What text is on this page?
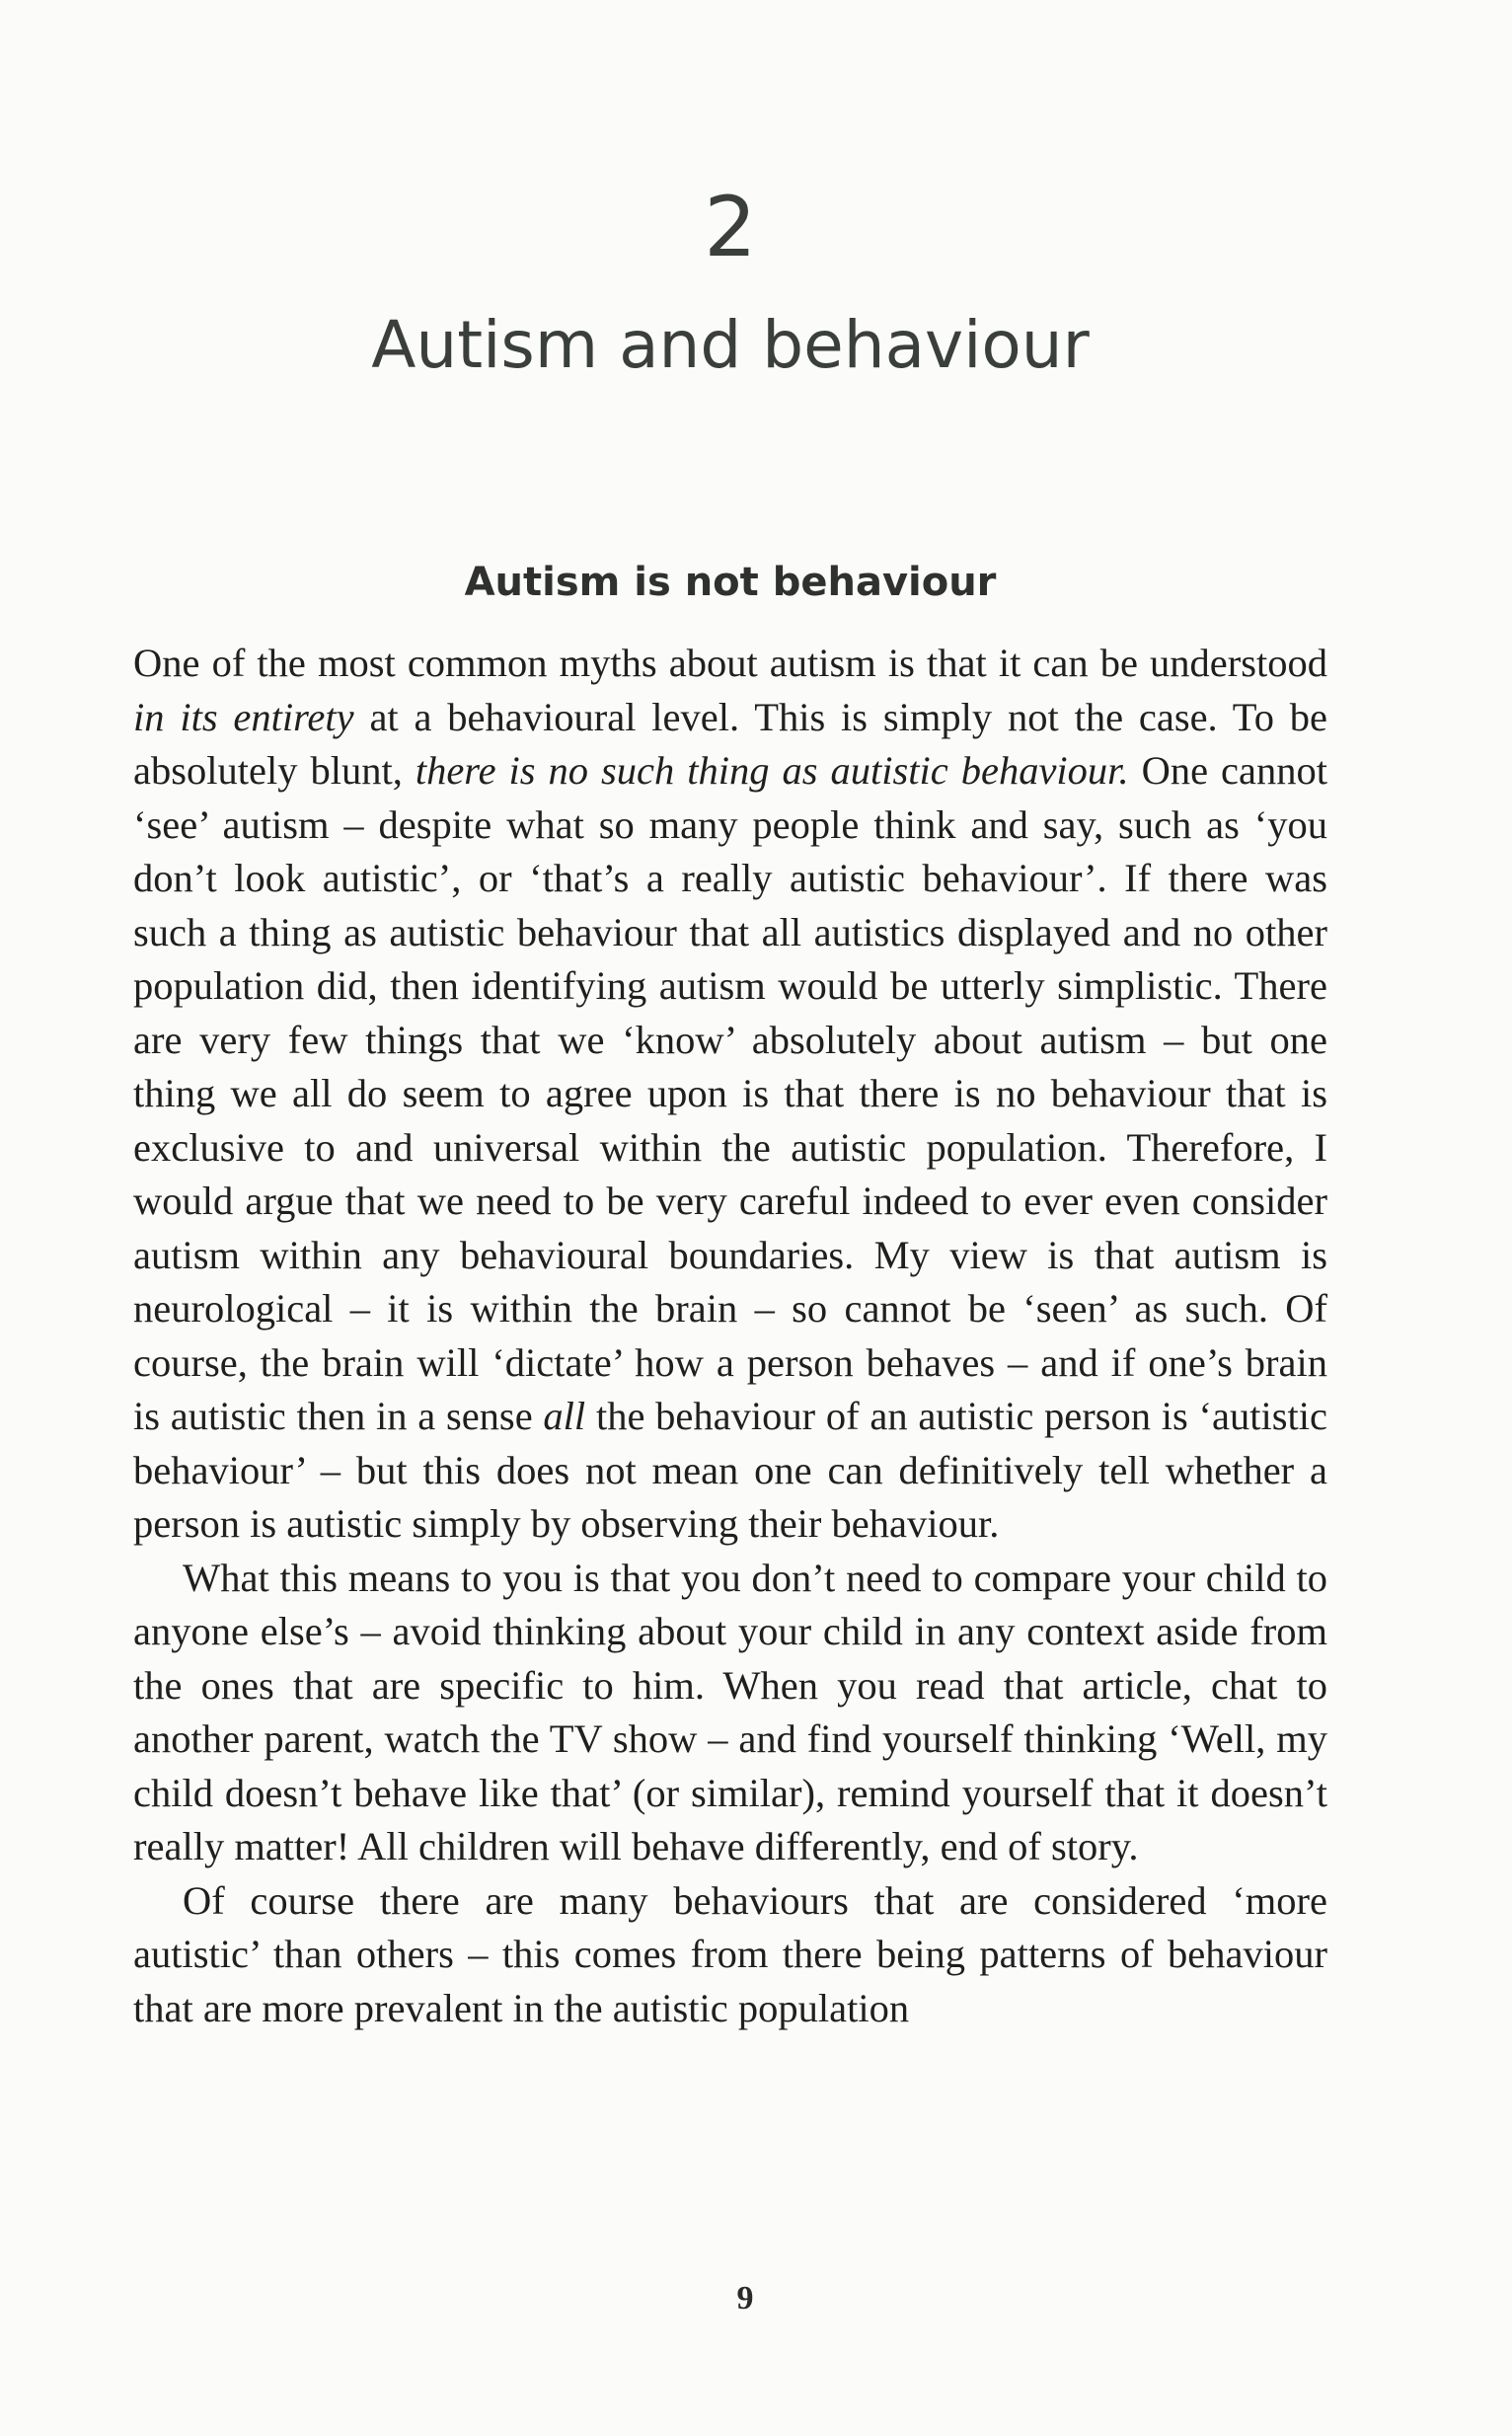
2
Autism and behaviour
Autism is not behaviour

One of the most common myths about autism is that it can be understood in its entirety at a behavioural level. This is simply not the case. To be absolutely blunt, there is no such thing as autistic behaviour. One cannot ‘see’ autism – despite what so many people think and say, such as ‘you don’t look autistic’, or ‘that’s a really autistic behaviour’. If there was such a thing as autistic behaviour that all autistics displayed and no other population did, then identifying autism would be utterly simplistic. There are very few things that we ‘know’ absolutely about autism – but one thing we all do seem to agree upon is that there is no behaviour that is exclusive to and universal within the autistic population. Therefore, I would argue that we need to be very careful indeed to ever even consider autism within any behavioural boundaries. My view is that autism is neurological – it is within the brain – so cannot be ‘seen’ as such. Of course, the brain will ‘dictate’ how a person behaves – and if one’s brain is autistic then in a sense all the behaviour of an autistic person is ‘autistic behaviour’ – but this does not mean one can definitively tell whether a person is autistic simply by observing their behaviour.

What this means to you is that you don’t need to compare your child to anyone else’s – avoid thinking about your child in any context aside from the ones that are specific to him. When you read that article, chat to another parent, watch the TV show – and find yourself thinking ‘Well, my child doesn’t behave like that’ (or similar), remind yourself that it doesn’t really matter! All children will behave differently, end of story.

Of course there are many behaviours that are considered ‘more autistic’ than others – this comes from there being patterns of behaviour that are more prevalent in the autistic population

9
